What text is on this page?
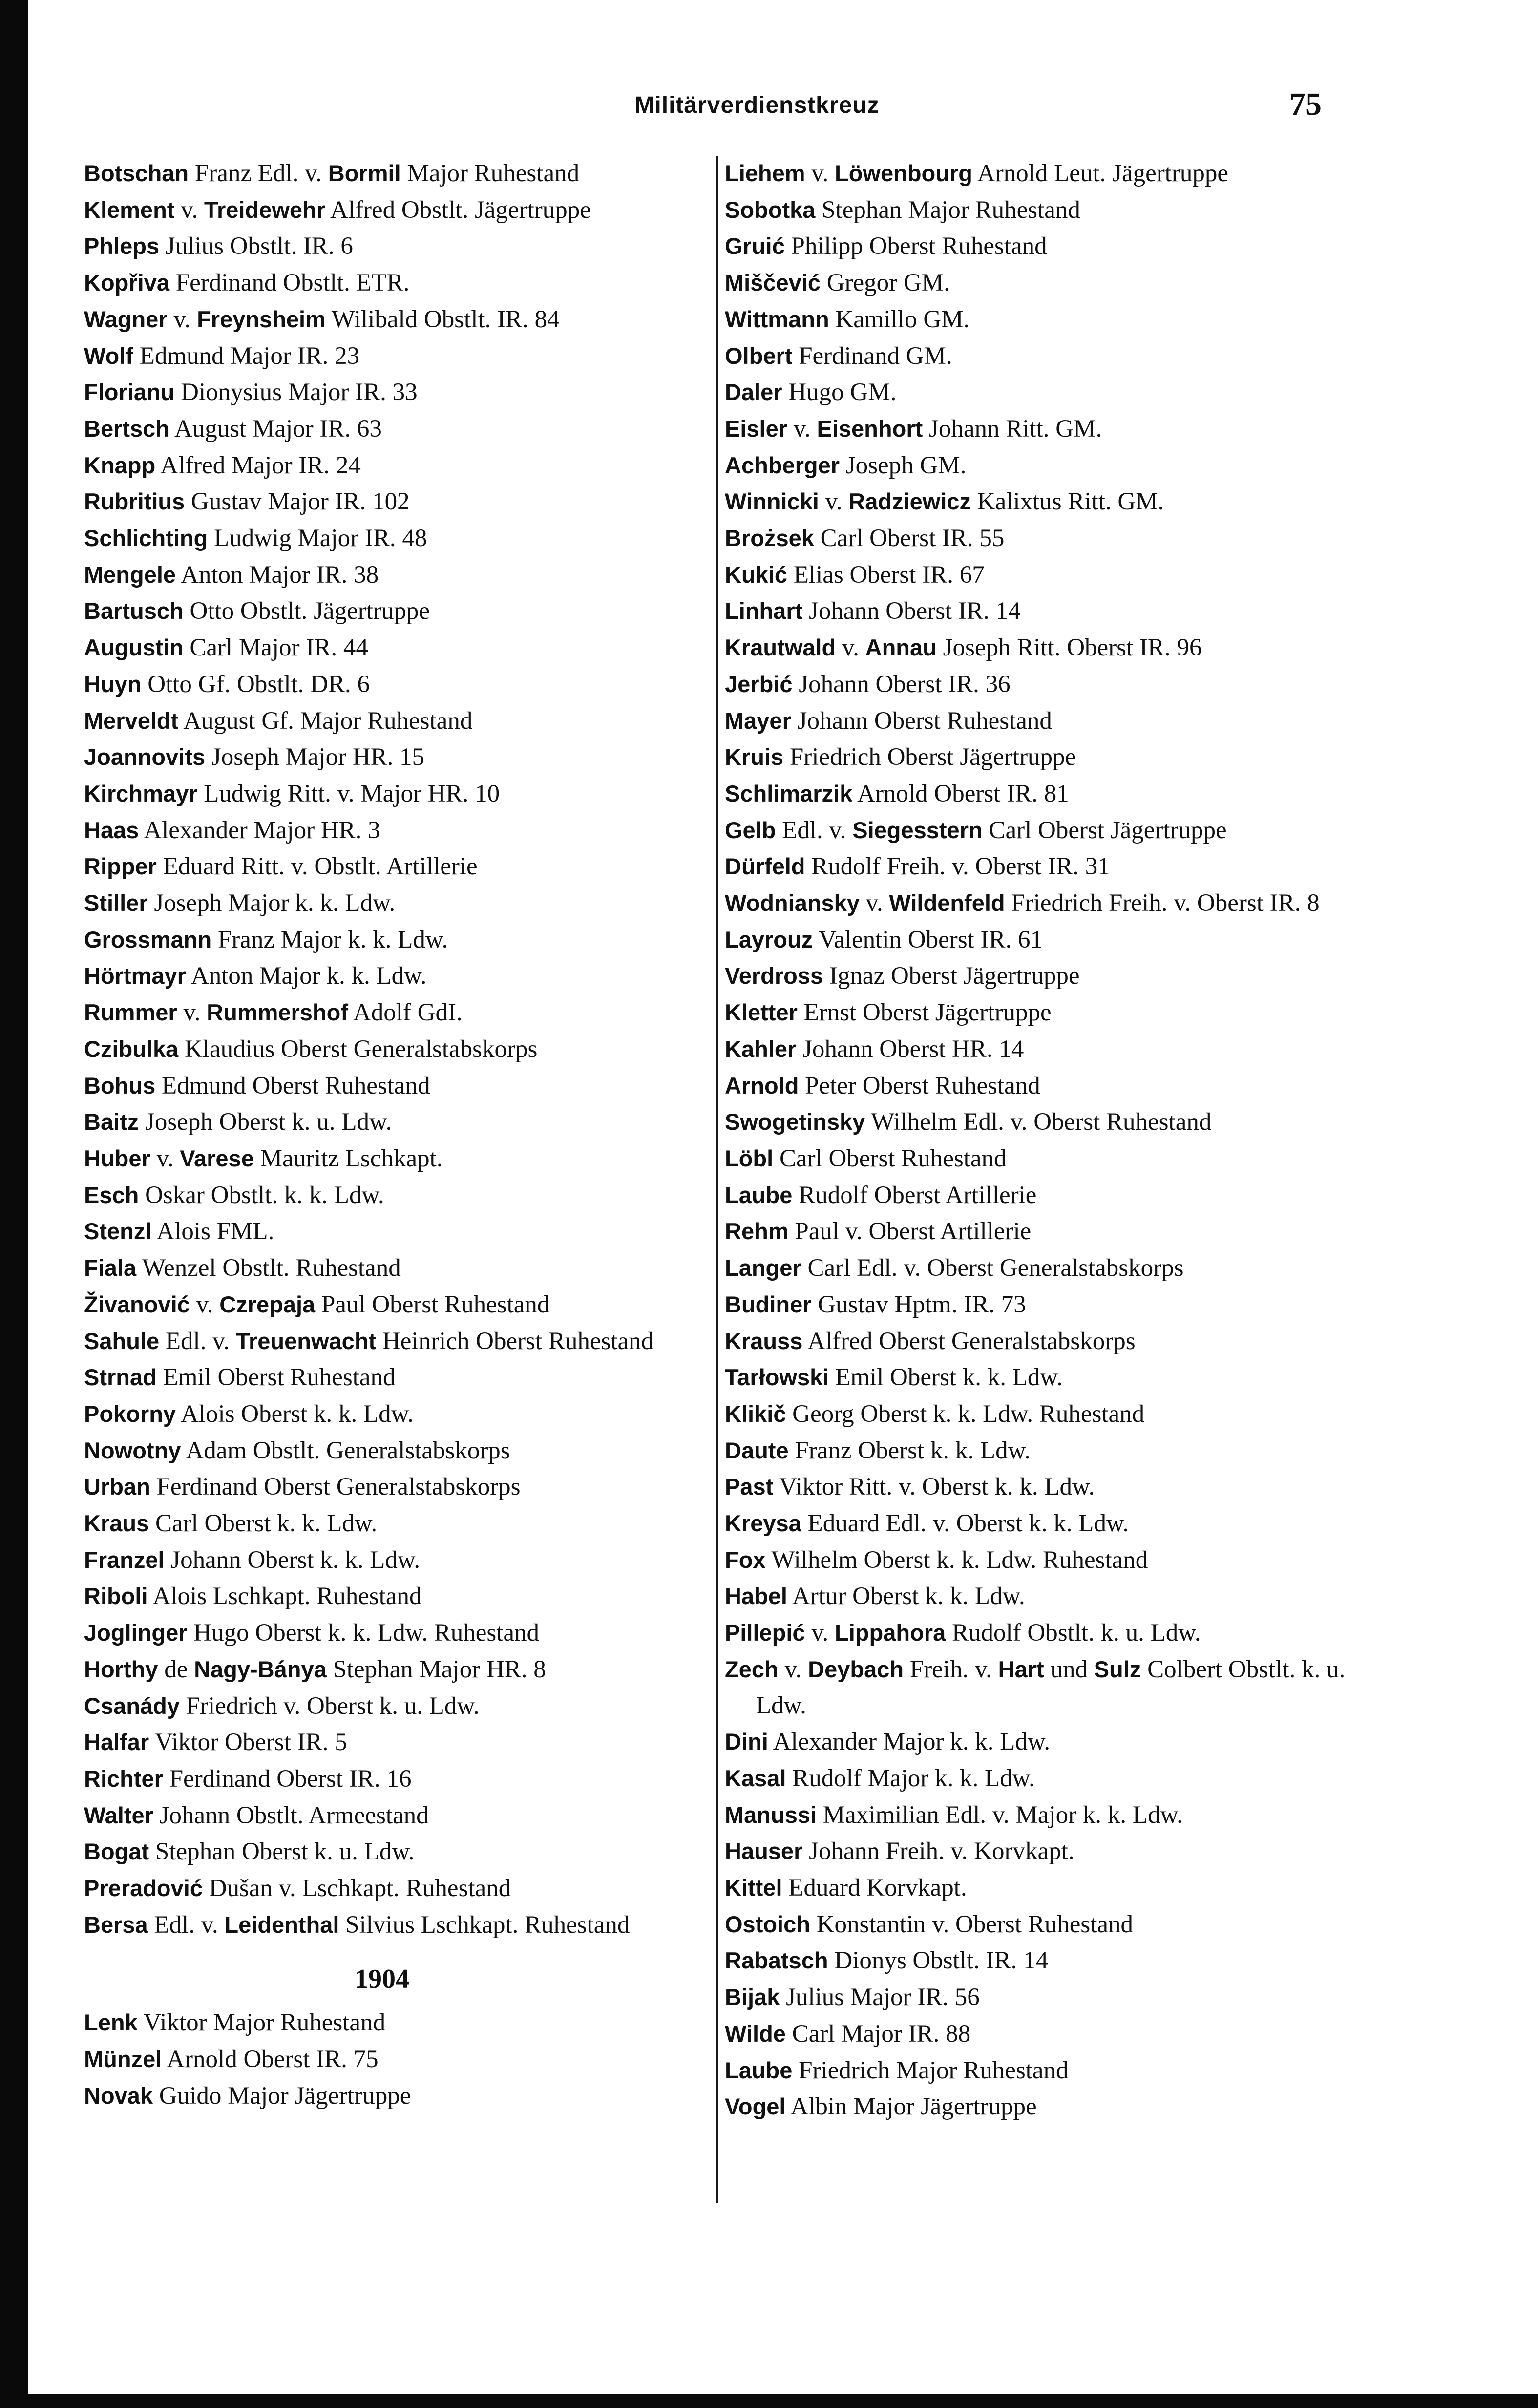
Militärverdienstkreuz	75

Botschan Franz Edl. v. Bormil Major Ruhestand

Klement v. Treidewehr Alfred Obstlt. Jägertruppe

Phleps Julius Obstlt. IR. 6

Kopřiva Ferdinand Obstlt. ETR.

Wagner v. Freynsheim Wilibald Obstlt. IR. 84

Wolf Edmund Major IR. 23

Florianu Dionysius Major IR. 33

Bertsch August Major IR. 63

Knapp Alfred Major IR. 24

Rubritius Gustav Major IR. 102

Schlichting Ludwig Major IR. 48

Mengele Anton Major IR. 38

Bartusch Otto Obstlt. Jägertruppe

Augustin Carl Major IR. 44

Huyn Otto Gf. Obstlt. DR. 6

Merveldt August Gf. Major Ruhestand

Joannovits Joseph Major HR. 15

Kirchmayr Ludwig Ritt. v. Major HR. 10

Haas Alexander Major HR. 3

Ripper Eduard Ritt. v. Obstlt. Artillerie

Stiller Joseph Major k. k. Ldw.

Grossmann Franz Major k. k. Ldw.

Hörtmayr Anton Major k. k. Ldw.

Rummer v. Rummershof Adolf GdI.

Czibulka Klaudius Oberst Generalstabskorps

Bohus Edmund Oberst Ruhestand

Baitz Joseph Oberst k. u. Ldw.

Huber v. Varese Mauritz Lschkapt.

Esch Oskar Obstlt. k. k. Ldw.

Stenzl Alois FML.

Fiala Wenzel Obstlt. Ruhestand

Živanović v. Czrepaja Paul Oberst Ruhestand

Sahule Edl. v. Treuenwacht Heinrich Oberst Ruhestand

Strnad Emil Oberst Ruhestand

Pokorny Alois Oberst k. k. Ldw.

Nowotny Adam Obstlt. Generalstabskorps

Urban Ferdinand Oberst Generalstabskorps

Kraus Carl Oberst k. k. Ldw.

Franzel Johann Oberst k. k. Ldw.

Riboli Alois Lschkapt. Ruhestand

Joglinger Hugo Oberst k. k. Ldw. Ruhestand

Horthy de Nagy-Bánya Stephan Major HR. 8

Csanády Friedrich v. Oberst k. u. Ldw.

Halfar Viktor Oberst IR. 5

Richter Ferdinand Oberst IR. 16

Walter Johann Obstlt. Armeestand

Bogat Stephan Oberst k. u. Ldw.

Preradović Dušan v. Lschkapt. Ruhestand

Bersa Edl. v. Leidenthal Silvius Lschkapt. Ruhestand

1904

Lenk Viktor Major Ruhestand

Münzel Arnold Oberst IR. 75

Novak Guido Major Jägertruppe

Liehem v. Löwenbourg Arnold Leut. Jägertruppe

Sobotka Stephan Major Ruhestand

Gruić Philipp Oberst Ruhestand

Miščević Gregor GM.

Wittmann Kamillo GM.

Olbert Ferdinand GM.

Daler Hugo GM.

Eisler v. Eisenhort Johann Ritt. GM.

Achberger Joseph GM.

Winnicki v. Radziewicz Kalixtus Ritt. GM.

Brożsek Carl Oberst IR. 55

Kukić Elias Oberst IR. 67

Linhart Johann Oberst IR. 14

Krautwald v. Annau Joseph Ritt. Oberst IR. 96

Jerbić Johann Oberst IR. 36

Mayer Johann Oberst Ruhestand

Kruis Friedrich Oberst Jägertruppe

Schlimarzik Arnold Oberst IR. 81

Gelb Edl. v. Siegesstern Carl Oberst Jägertruppe

Dürfeld Rudolf Freih. v. Oberst IR. 31

Wodniansky v. Wildenfeld Friedrich Freih. v. Oberst IR. 8

Layrouz Valentin Oberst IR. 61

Verdross Ignaz Oberst Jägertruppe

Kletter Ernst Oberst Jägertruppe

Kahler Johann Oberst HR. 14

Arnold Peter Oberst Ruhestand

Swogetinsky Wilhelm Edl. v. Oberst Ruhestand

Löbl Carl Oberst Ruhestand

Laube Rudolf Oberst Artillerie

Rehm Paul v. Oberst Artillerie

Langer Carl Edl. v. Oberst Generalstabskorps

Budiner Gustav Hptm. IR. 73

Krauss Alfred Oberst Generalstabskorps

Tarłowski Emil Oberst k. k. Ldw.

Klikič Georg Oberst k. k. Ldw. Ruhestand

Daute Franz Oberst k. k. Ldw.

Past Viktor Ritt. v. Oberst k. k. Ldw.

Kreysa Eduard Edl. v. Oberst k. k. Ldw.

Fox Wilhelm Oberst k. k. Ldw. Ruhestand

Habel Artur Oberst k. k. Ldw.

Pillepić v. Lippahora Rudolf Obstlt. k. u. Ldw.

Zech v. Deybach Freih. v. Hart und Sulz Colbert Obstlt. k. u. Ldw.

Dini Alexander Major k. k. Ldw.

Kasal Rudolf Major k. k. Ldw.

Manussi Maximilian Edl. v. Major k. k. Ldw.

Hauser Johann Freih. v. Korvkapt.

Kittel Eduard Korvkapt.

Ostoich Konstantin v. Oberst Ruhestand

Rabatsch Dionys Obstlt. IR. 14

Bijak Julius Major IR. 56

Wilde Carl Major IR. 88

Laube Friedrich Major Ruhestand

Vogel Albin Major Jägertruppe
